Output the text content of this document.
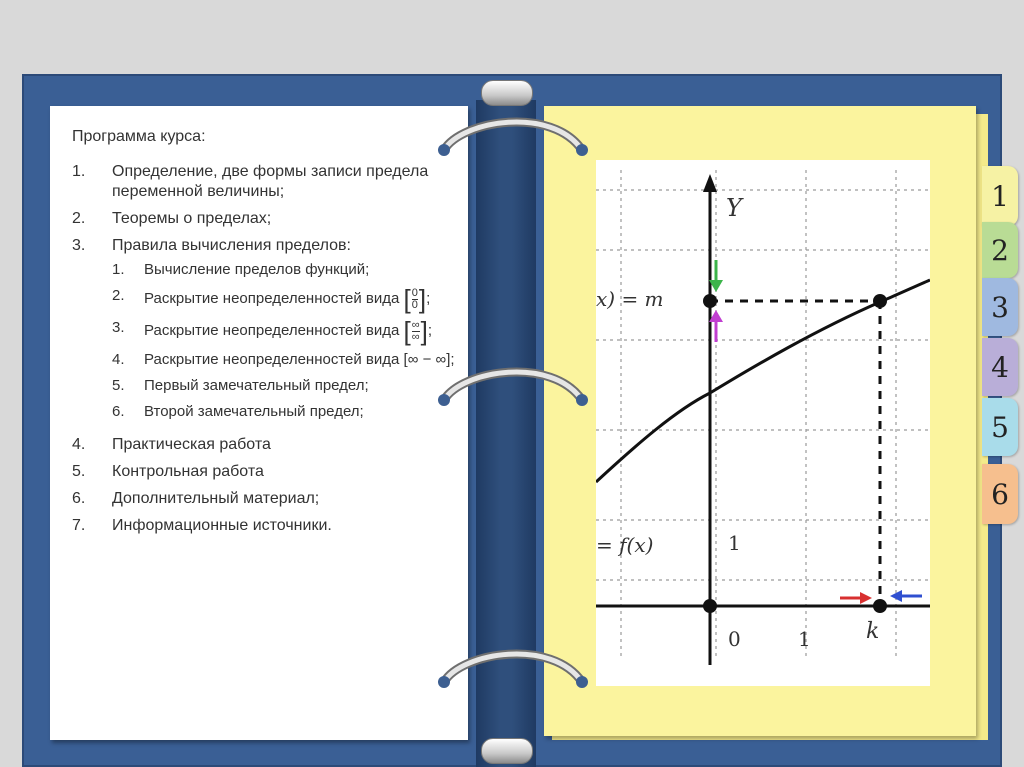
1
2
3
4
5
6
Y
x) = m
= f(x)	1
0	1	k
Программа курса:
1.	Определение, две формы записи предела переменной величины;
2.	Теоремы о пределах;
3.	Правила вычисления пределов:
1.	Вычисление пределов функций;
2.	Раскрытие неопределенностей вида [ 0
0 ] ;
3.	Раскрытие неопределенностей вида [ ∞
∞ ] ;
4.	Раскрытие неопределенностей вида [∞ − ∞];
5.	Первый замечательный предел;
6.	Второй замечательный предел;
4.	Практическая работа
5.	Контрольная работа
6.	Дополнительный материал;
7.	Информационные источники.
